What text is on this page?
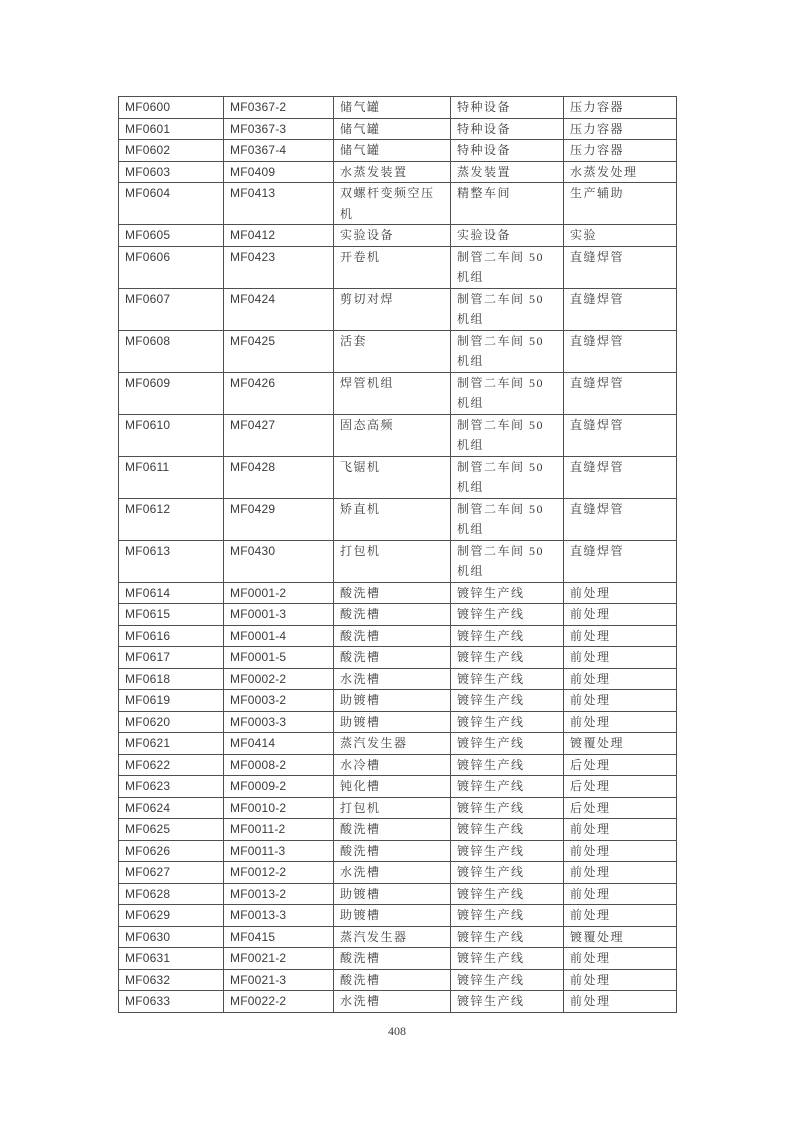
MF0600	MF0367-2	储气罐	特种设备	压力容器
MF0601	MF0367-3	储气罐	特种设备	压力容器
MF0602	MF0367-4	储气罐	特种设备	压力容器
MF0603	MF0409	水蒸发装置	蒸发装置	水蒸发处理
MF0604	MF0413	双螺杆变频空压机	精整车间	生产辅助
MF0605	MF0412	实验设备	实验设备	实验
MF0606	MF0423	开卷机	制管二车间 50 机组	直缝焊管
MF0607	MF0424	剪切对焊	制管二车间 50 机组	直缝焊管
MF0608	MF0425	活套	制管二车间 50 机组	直缝焊管
MF0609	MF0426	焊管机组	制管二车间 50 机组	直缝焊管
MF0610	MF0427	固态高频	制管二车间 50 机组	直缝焊管
MF0611	MF0428	飞锯机	制管二车间 50 机组	直缝焊管
MF0612	MF0429	矫直机	制管二车间 50 机组	直缝焊管
MF0613	MF0430	打包机	制管二车间 50 机组	直缝焊管
MF0614	MF0001-2	酸洗槽	镀锌生产线	前处理
MF0615	MF0001-3	酸洗槽	镀锌生产线	前处理
MF0616	MF0001-4	酸洗槽	镀锌生产线	前处理
MF0617	MF0001-5	酸洗槽	镀锌生产线	前处理
MF0618	MF0002-2	水洗槽	镀锌生产线	前处理
MF0619	MF0003-2	助镀槽	镀锌生产线	前处理
MF0620	MF0003-3	助镀槽	镀锌生产线	前处理
MF0621	MF0414	蒸汽发生器	镀锌生产线	镀覆处理
MF0622	MF0008-2	水冷槽	镀锌生产线	后处理
MF0623	MF0009-2	钝化槽	镀锌生产线	后处理
MF0624	MF0010-2	打包机	镀锌生产线	后处理
MF0625	MF0011-2	酸洗槽	镀锌生产线	前处理
MF0626	MF0011-3	酸洗槽	镀锌生产线	前处理
MF0627	MF0012-2	水洗槽	镀锌生产线	前处理
MF0628	MF0013-2	助镀槽	镀锌生产线	前处理
MF0629	MF0013-3	助镀槽	镀锌生产线	前处理
MF0630	MF0415	蒸汽发生器	镀锌生产线	镀覆处理
MF0631	MF0021-2	酸洗槽	镀锌生产线	前处理
MF0632	MF0021-3	酸洗槽	镀锌生产线	前处理
MF0633	MF0022-2	水洗槽	镀锌生产线	前处理
408
